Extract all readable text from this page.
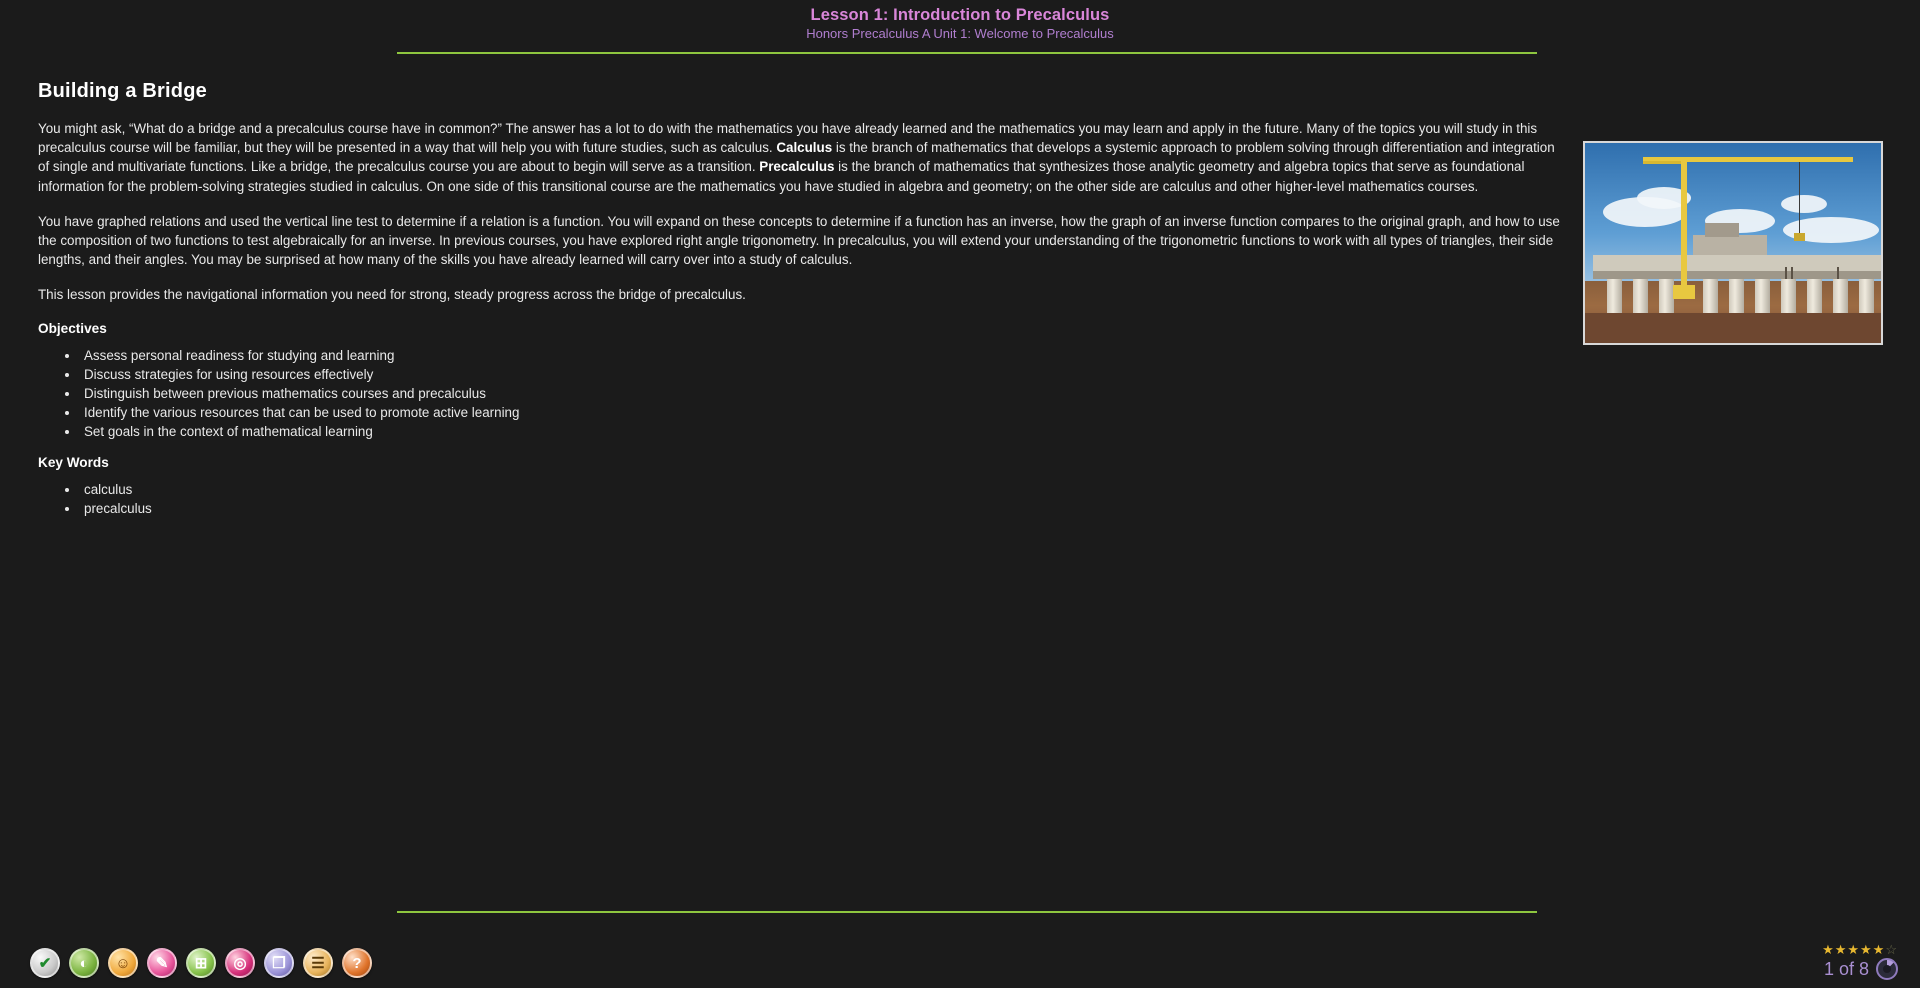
Lesson 1: Introduction to Precalculus
Honors Precalculus A Unit 1: Welcome to Precalculus
Building a Bridge

You might ask, “What do a bridge and a precalculus course have in common?” The answer has a lot to do with the mathematics you have already learned and the mathematics you may learn and apply in the future. Many of the topics you will study in this precalculus course will be familiar, but they will be presented in a way that will help you with future studies, such as calculus. Calculus is the branch of mathematics that develops a systemic approach to problem solving through differentiation and integration of single and multivariate functions. Like a bridge, the precalculus course you are about to begin will serve as a transition. Precalculus is the branch of mathematics that synthesizes those analytic geometry and algebra topics that serve as foundational information for the problem-solving strategies studied in calculus. On one side of this transitional course are the mathematics you have studied in algebra and geometry; on the other side are calculus and other higher-level mathematics courses.

You have graphed relations and used the vertical line test to determine if a relation is a function. You will expand on these concepts to determine if a function has an inverse, how the graph of an inverse function compares to the original graph, and how to use the composition of two functions to test algebraically for an inverse. In previous courses, you have explored right angle trigonometry. In precalculus, you will extend your understanding of the trigonometric functions to work with all types of triangles, their side lengths, and their angles. You may be surprised at how many of the skills you have already learned will carry over into a study of calculus.

This lesson provides the navigational information you need for strong, steady progress across the bridge of precalculus.

Objectives
• Assess personal readiness for studying and learning
• Discuss strategies for using resources effectively
• Distinguish between previous mathematics courses and precalculus
• Identify the various resources that can be used to promote active learning
• Set goals in the context of mathematical learning
Key Words
• calculus
• precalculus
✔ ◐ ☺ ✎ ⊞ ◎ ❐ ☰ ?
★★★★★☆
1 of 8
